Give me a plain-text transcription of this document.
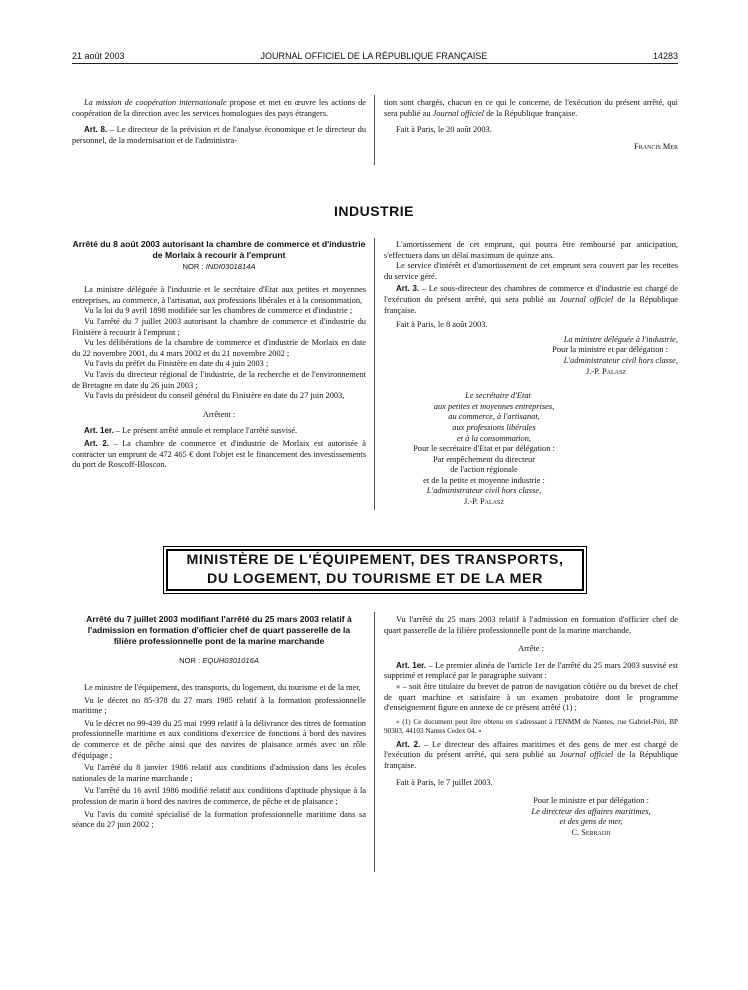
21 août 2003	JOURNAL OFFICIEL DE LA RÉPUBLIQUE FRANÇAISE	14283

La mission de coopération internationale propose et met en œuvre les actions de coopération de la direction avec les services homologues des pays étrangers.

Art. 8. – Le directeur de la prévision et de l'analyse économique et le directeur du personnel, de la modernisation et de l'administra-

tion sont chargés, chacun en ce qui le concerne, de l'exécution du présent arrêté, qui sera publié au Journal officiel de la République française.

Fait à Paris, le 20 août 2003.

Francis Mer

INDUSTRIE

Arrêté du 8 août 2003 autorisant la chambre de commerce et d'industrie de Morlaix à recourir à l'emprunt

NOR : INDI0301814A

La ministre déléguée à l'industrie et le secrétaire d'Etat aux petites et moyennes entreprises, au commerce, à l'artisanat, aux professions libérales et à la consommation,

Vu la loi du 9 avril 1898 modifiée sur les chambres de commerce et d'industrie ;

Vu l'arrêté du 7 juillet 2003 autorisant la chambre de commerce et d'industrie du Finistère à recourir à l'emprunt ;

Vu les délibérations de la chambre de commerce et d'industrie de Morlaix en date du 22 novembre 2001, du 4 mars 2002 et du 21 novembre 2002 ;

Vu l'avis du préfet du Finistère en date du 4 juin 2003 ;

Vu l'avis du directeur régional de l'industrie, de la recherche et de l'environnement de Bretagne en date du 26 juin 2003 ;

Vu l'avis du président du conseil général du Finistère en date du 27 juin 2003,

Arrêtent :

Art. 1er. – Le présent arrêté annule et remplace l'arrêté susvisé.

Art. 2. – La chambre de commerce et d'industrie de Morlaix est autorisée à contracter un emprunt de 472 465 € dont l'objet est le financement des investissements du port de Roscoff-Bloscon.

L'amortissement de cet emprunt, qui pourra être remboursé par anticipation, s'effectuera dans un délai maximum de quinze ans.

Le service d'intérêt et d'amortissement de cet emprunt sera couvert par les recettes du service géré.

Art. 3. – Le sous-directeur des chambres de commerce et d'industrie est chargé de l'exécution du présent arrêté, qui sera publié au Journal officiel de la République française.

Fait à Paris, le 8 août 2003.

La ministre déléguée à l'industrie,

Pour la ministre et par délégation :

L'administrateur civil hors classe,

J.-P. Palasz

Le secrétaire d'Etat

aux petites et moyennes entreprises,

au commerce, à l'artisanat,

aux professions libérales

et à la consommation,

Pour le secrétaire d'Etat et par délégation :

Par empêchement du directeur

de l'action régionale

et de la petite et moyenne industrie :

L'administrateur civil hors classe,

J.-P. Palasz

MINISTÈRE DE L'ÉQUIPEMENT, DES TRANSPORTS,
DU LOGEMENT, DU TOURISME ET DE LA MER

Arrêté du 7 juillet 2003 modifiant l'arrêté du 25 mars 2003 relatif à l'admission en formation d'officier chef de quart passerelle de la filière professionnelle pont de la marine marchande

NOR : EQUH0301016A

Le ministre de l'équipement, des transports, du logement, du tourisme et de la mer,

Vu le décret no 85-378 du 27 mars 1985 relatif à la formation professionnelle maritime ;

Vu le décret no 99-439 du 25 mai 1999 relatif à la délivrance des titres de formation professionnelle maritime et aux conditions d'exercice de fonctions à bord des navires de commerce et de pêche ainsi que des navires de plaisance armés avec un rôle d'équipage ;

Vu l'arrêté du 8 janvier 1986 relatif aux conditions d'admission dans les écoles nationales de la marine marchande ;

Vu l'arrêté du 16 avril 1986 modifié relatif aux conditions d'aptitude physique à la profession de marin à bord des navires de commerce, de pêche et de plaisance ;

Vu l'avis du comité spécialisé de la formation professionnelle maritime dans sa séance du 27 juin 2002 ;

Vu l'arrêté du 25 mars 2003 relatif à l'admission en formation d'officier chef de quart passerelle de la filière professionnelle pont de la marine marchande,

Arrête :

Art. 1er. – Le premier alinéa de l'article 1er de l'arrêté du 25 mars 2003 susvisé est supprimé et remplacé par le paragraphe suivant :

« – soit être titulaire du brevet de patron de navigation côtière ou du brevet de chef de quart machine et satisfaire à un examen probatoire dont le programme d'enseignement figure en annexe de ce présent arrêté (1) ;

« (1) Ce document peut être obtenu en s'adressant à l'ENMM de Nantes, rue Gabriel-Péri, BP 90303, 44103 Nantes Cedex 04. »

Art. 2. – Le directeur des affaires maritimes et des gens de mer est chargé de l'exécution du présent arrêté, qui sera publié au Journal officiel de la République française.

Fait à Paris, le 7 juillet 2003.

Pour le ministre et par délégation :

Le directeur des affaires maritimes,

et des gens de mer,

C. Serradji
